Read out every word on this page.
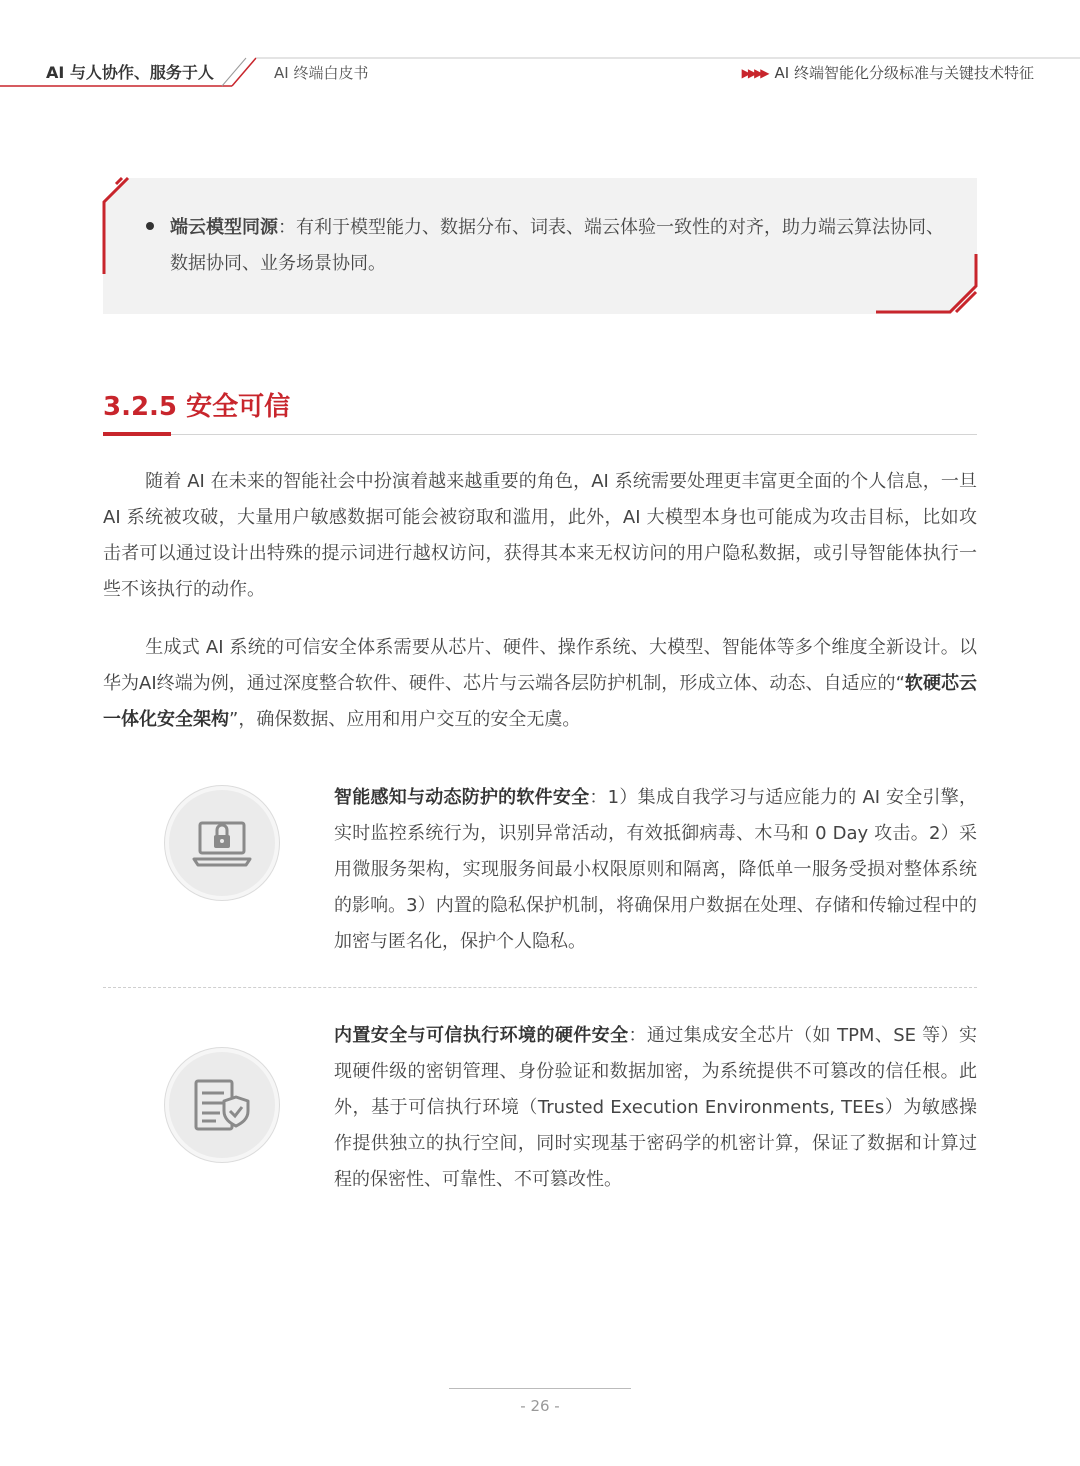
AI 与人协作、服务于人	AI 终端白皮书	▶▶▶▶ AI 终端智能化分级标准与关键技术特征
端云模型同源：有利于模型能力、数据分布、词表、端云体验一致性的对齐，助力端云算法协同、数据协同、业务场景协同。
3.2.5 安全可信
随着 AI 在未来的智能社会中扮演着越来越重要的角色，AI 系统需要处理更丰富更全面的个人信息，一旦 AI 系统被攻破，大量用户敏感数据可能会被窃取和滥用，此外，AI 大模型本身也可能成为攻击目标，比如攻击者可以通过设计出特殊的提示词进行越权访问，获得其本来无权访问的用户隐私数据，或引导智能体执行一些不该执行的动作。
生成式 AI 系统的可信安全体系需要从芯片、硬件、操作系统、大模型、智能体等多个维度全新设计。以华为AI终端为例，通过深度整合软件、硬件、芯片与云端各层防护机制，形成立体、动态、自适应的“软硬芯云一体化安全架构”，确保数据、应用和用户交互的安全无虞。
智能感知与动态防护的软件安全：1）集成自我学习与适应能力的 AI 安全引擎，实时监控系统行为，识别异常活动，有效抵御病毒、木马和 0 Day 攻击。2）采用微服务架构，实现服务间最小权限原则和隔离，降低单一服务受损对整体系统的影响。3）内置的隐私保护机制，将确保用户数据在处理、存储和传输过程中的加密与匿名化，保护个人隐私。
内置安全与可信执行环境的硬件安全：通过集成安全芯片（如 TPM、SE 等）实现硬件级的密钥管理、身份验证和数据加密，为系统提供不可篡改的信任根。此外，基于可信执行环境（Trusted Execution Environments, TEEs）为敏感操作提供独立的执行空间，同时实现基于密码学的机密计算，保证了数据和计算过程的保密性、可靠性、不可篡改性。
- 26 -
